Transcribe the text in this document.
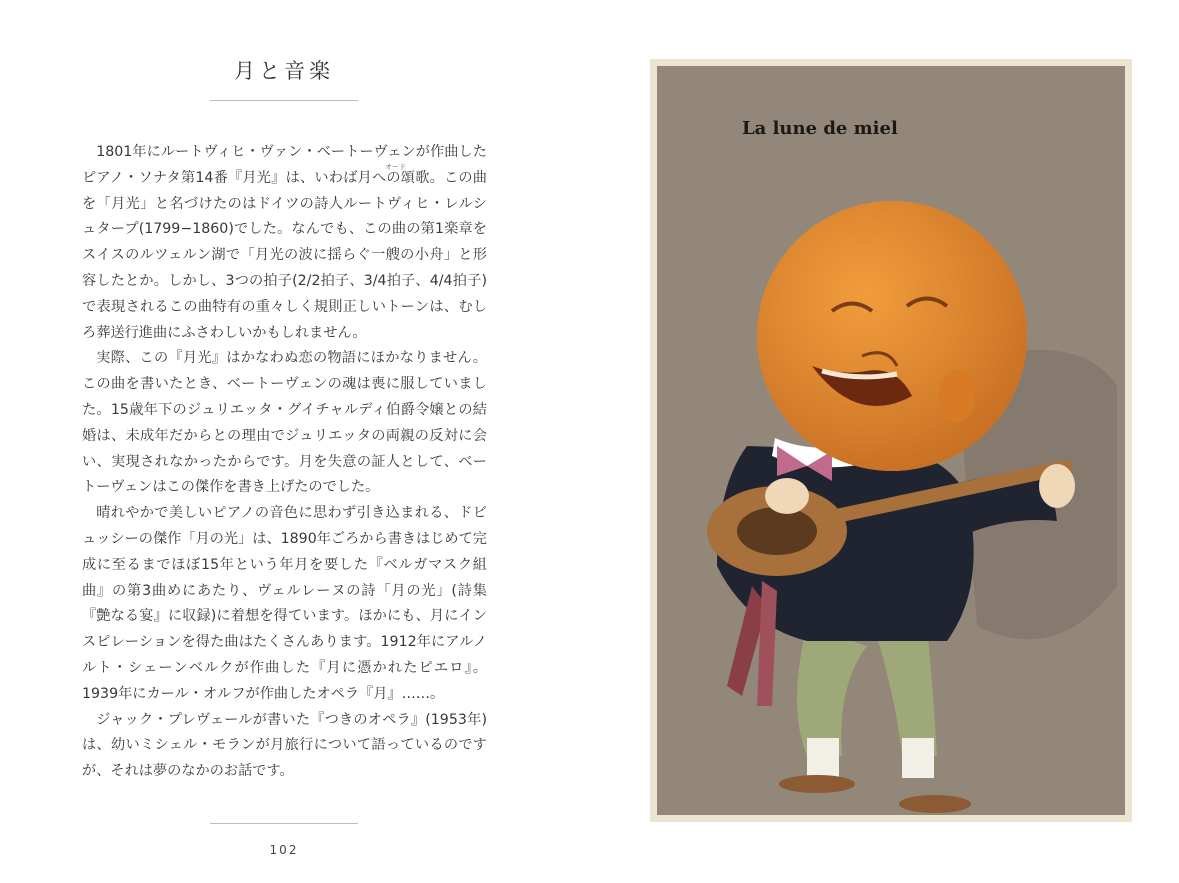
月と音楽

1801年にルートヴィヒ・ヴァン・ベートーヴェンが作曲したピアノ・ソナタ第14番『月光』は、いわば月への頌歌。この曲を「月光」と名づけたのはドイツの詩人ルートヴィヒ・レルシュタープ(1799−1860)でした。なんでも、この曲の第1楽章をスイスのルツェルン湖で「月光の波に揺らぐ一艘の小舟」と形容したとか。しかし、3つの拍子(2/2拍子、3/4拍子、4/4拍子)で表現されるこの曲特有の重々しく規則正しいトーンは、むしろ葬送行進曲にふさわしいかもしれません。

実際、この『月光』はかなわぬ恋の物語にほかなりません。この曲を書いたとき、ベートーヴェンの魂は喪に服していました。15歳年下のジュリエッタ・グイチャルディ伯爵令嬢との結婚は、未成年だからとの理由でジュリエッタの両親の反対に会い、実現されなかったからです。月を失意の証人として、ベートーヴェンはこの傑作を書き上げたのでした。

晴れやかで美しいピアノの音色に思わず引き込まれる、ドビュッシーの傑作「月の光」は、1890年ごろから書きはじめて完成に至るまでほぼ15年という年月を要した『ベルガマスク組曲』の第3曲めにあたり、ヴェルレーヌの詩「月の光」(詩集『艶なる宴』に収録)に着想を得ています。ほかにも、月にインスピレーションを得た曲はたくさんあります。1912年にアルノルト・シェーンベルクが作曲した『月に憑かれたピエロ』。1939年にカール・オルフが作曲したオペラ『月』……。

ジャック・プレヴェールが書いた『つきのオペラ』(1953年)は、幼いミシェル・モランが月旅行について語っているのですが、それは夢のなかのお話です。

オード
102
La lune de miel
